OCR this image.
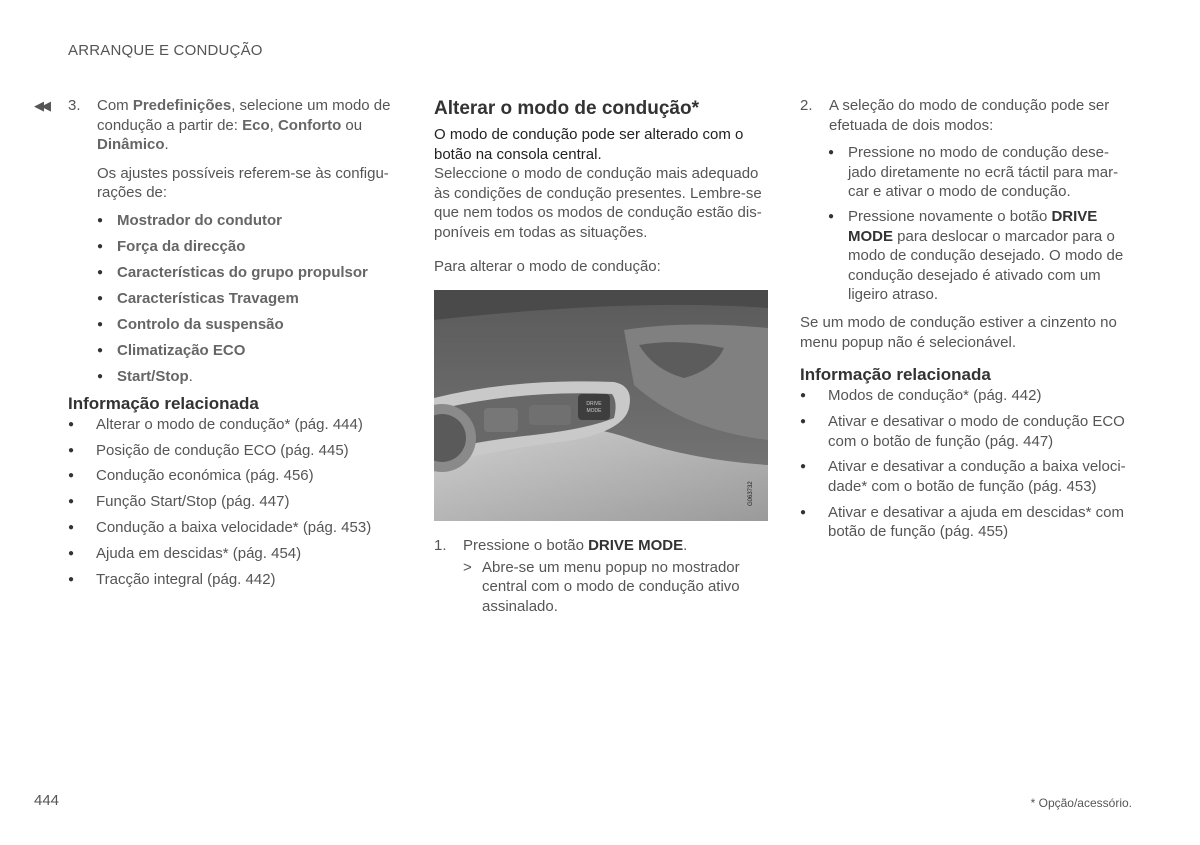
ARRANQUE E CONDUÇÃO
◀◀ 3. Com Predefinições, selecione um modo de condução a partir de: Eco, Conforto ou Dinâmico.

Os ajustes possíveis referem-se às configu-rações de:

● Mostrador do condutor
● Força da direcção
● Características do grupo propulsor
● Características Travagem
● Controlo da suspensão
● Climatização ECO
● Start/Stop.
Informação relacionada
● Alterar o modo de condução* (pág. 444)
● Posição de condução ECO (pág. 445)
● Condução económica (pág. 456)
● Função Start/Stop (pág. 447)
● Condução a baixa velocidade* (pág. 453)
● Ajuda em descidas* (pág. 454)
● Tracção integral (pág. 442)
Alterar o modo de condução*

O modo de condução pode ser alterado com o botão na consola central.

Seleccione o modo de condução mais adequado às condições de condução presentes. Lembre-se que nem todos os modos de condução estão dis-poníveis em todas as situações.

Para alterar o modo de condução:

DRIVE
MODE
G063732
1. Pressione o botão DRIVE MODE.
> Abre-se um menu popup no mostrador central com o modo de condução ativo assinalado.
2. A seleção do modo de condução pode ser efetuada de dois modos:
● Pressione no modo de condução dese-jado diretamente no ecrã táctil para mar-car e ativar o modo de condução.
● Pressione novamente o botão DRIVE MODE para deslocar o marcador para o modo de condução desejado. O modo de condução desejado é ativado com um ligeiro atraso.

Se um modo de condução estiver a cinzento no menu popup não é selecionável.

Informação relacionada
● Modos de condução* (pág. 442)
● Ativar e desativar o modo de condução ECO com o botão de função (pág. 447)
● Ativar e desativar a condução a baixa veloci-dade* com o botão de função (pág. 453)
● Ativar e desativar a ajuda em descidas* com botão de função (pág. 455)
444	* Opção/acessório.
